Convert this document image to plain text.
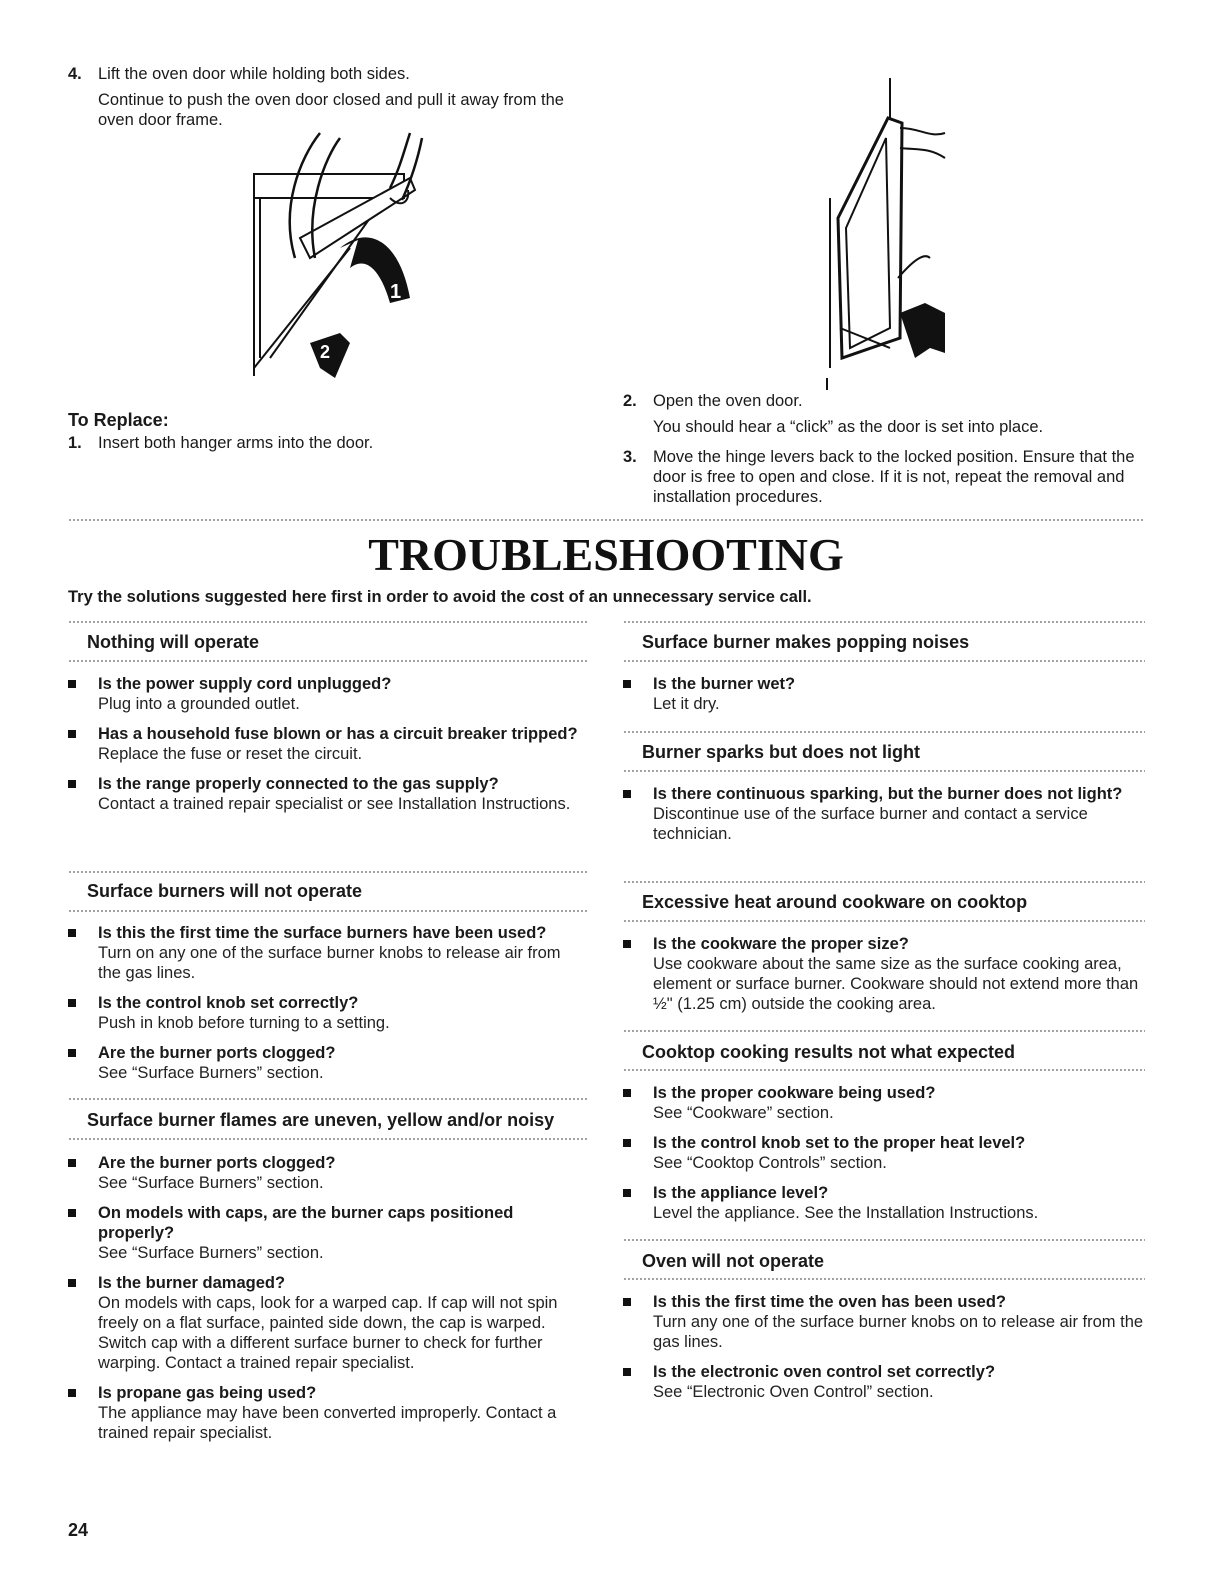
4. Lift the oven door while holding both sides.
Continue to push the oven door closed and pull it away from the oven door frame.
1
2
To Replace:
1. Insert both hanger arms into the door.
2. Open the oven door.
You should hear a “click” as the door is set into place.
3. Move the hinge levers back to the locked position. Ensure that the door is free to open and close. If it is not, repeat the removal and installation procedures.
TROUBLESHOOTING
Try the solutions suggested here first in order to avoid the cost of an unnecessary service call.
Nothing will operate
Is the power supply cord unplugged?
Plug into a grounded outlet.
Has a household fuse blown or has a circuit breaker tripped?
Replace the fuse or reset the circuit.
Is the range properly connected to the gas supply?
Contact a trained repair specialist or see Installation Instructions.
Surface burners will not operate
Is this the first time the surface burners have been used?
Turn on any one of the surface burner knobs to release air from the gas lines.
Is the control knob set correctly?
Push in knob before turning to a setting.
Are the burner ports clogged?
See “Surface Burners” section.
Surface burner flames are uneven, yellow and/or noisy
Are the burner ports clogged?
See “Surface Burners” section.
On models with caps, are the burner caps positioned properly?
See “Surface Burners” section.
Is the burner damaged?
On models with caps, look for a warped cap. If cap will not spin freely on a flat surface, painted side down, the cap is warped. Switch cap with a different surface burner to check for further warping. Contact a trained repair specialist.
Is propane gas being used?
The appliance may have been converted improperly. Contact a trained repair specialist.
Surface burner makes popping noises
Is the burner wet?
Let it dry.
Burner sparks but does not light
Is there continuous sparking, but the burner does not light?
Discontinue use of the surface burner and contact a service technician.
Excessive heat around cookware on cooktop
Is the cookware the proper size?
Use cookware about the same size as the surface cooking area, element or surface burner. Cookware should not extend more than ½" (1.25 cm) outside the cooking area.
Cooktop cooking results not what expected
Is the proper cookware being used?
See “Cookware” section.
Is the control knob set to the proper heat level?
See “Cooktop Controls” section.
Is the appliance level?
Level the appliance. See the Installation Instructions.
Oven will not operate
Is this the first time the oven has been used?
Turn any one of the surface burner knobs on to release air from the gas lines.
Is the electronic oven control set correctly?
See “Electronic Oven Control” section.
24
